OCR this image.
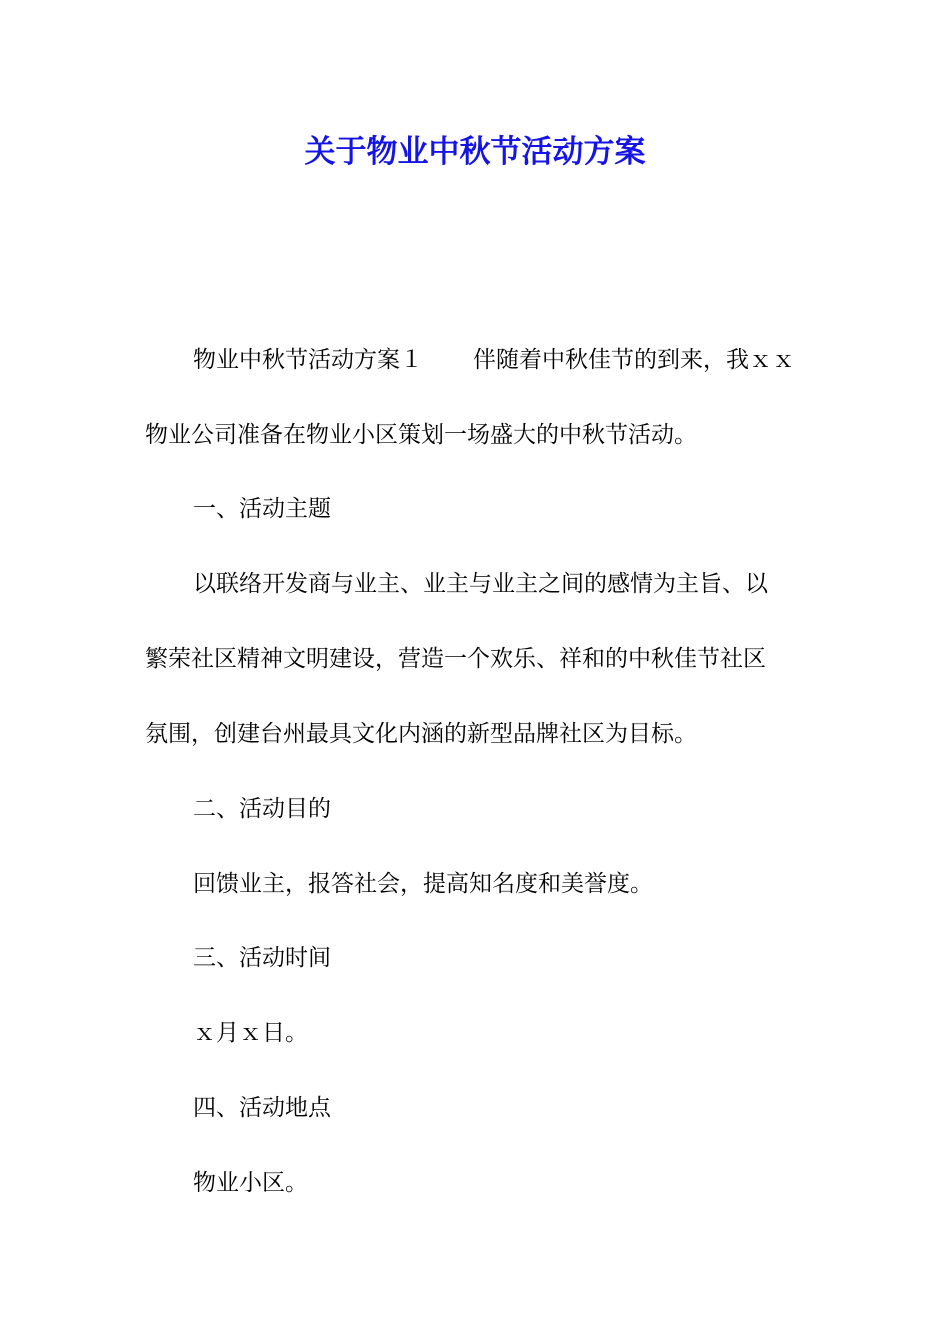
关于物业中秋节活动方案

物业中秋节活动方案１ 伴随着中秋佳节的到来，我ｘｘ

物业公司准备在物业小区策划一场盛大的中秋节活动。

一、活动主题

以联络开发商与业主、业主与业主之间的感情为主旨、以

繁荣社区精神文明建设，营造一个欢乐、祥和的中秋佳节社区

氛围，创建台州最具文化内涵的新型品牌社区为目标。

二、活动目的

回馈业主，报答社会，提高知名度和美誉度。

三、活动时间

ｘ月ｘ日。

四、活动地点

物业小区。
